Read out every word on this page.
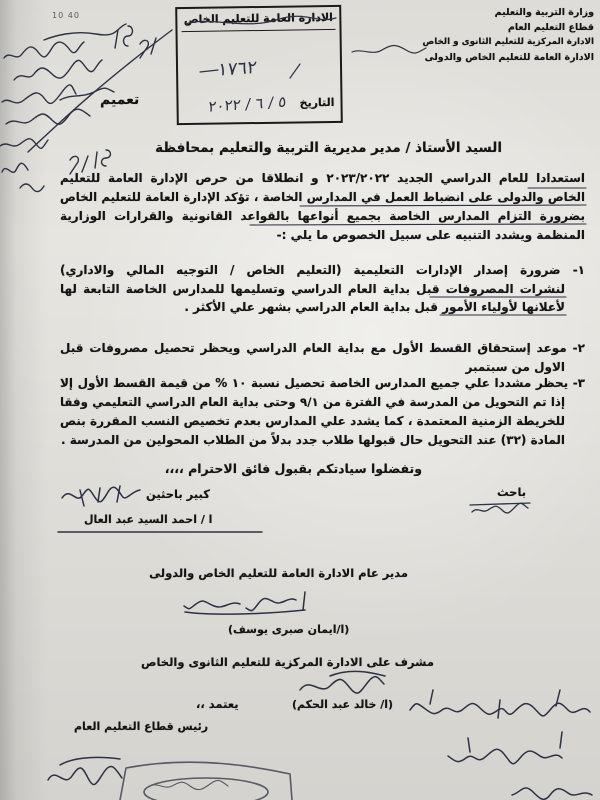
وزارة التربية والتعليم
قطاع التعليم العام
الادارة المركزية للتعليم الثانوى و الخاص
الادارة العامة للتعليم الخاص والدولى
10 40	الادارة العامة للتعليم الخاص
١٧٦٢
التاريخ
٥ / ٦ / ٢٠٢٢
تعميم
السيد الأستاذ / مدير مديرية التربية والتعليم بمحافظة
استعدادا للعام الدراسي الجديد ٢٠٢٣/٢٠٢٢ و انطلاقا من حرص الإدارة العامة للتعليم
الخاص والدولى على انضباط العمل في المدارس الخاصة ، تؤكد الإدارة العامة للتعليم الخاص
بضرورة التزام المدارس الخاصة بجميع أنواعها بالقواعد القانونية والقرارات الوزارية
المنظمة ويشدد التنبيه على سبيل الخصوص ما يلي :-
١- ضرورة إصدار الإدارات التعليمية (التعليم الخاص / التوجيه المالي والاداري)
لنشرات المصروفات قبل بداية العام الدراسي وتسليمها للمدارس الخاصة التابعة لها
لأعلانها لأولياء الأمور قبل بداية العام الدراسي بشهر علي الأكثر .
٢- موعد إستحقاق القسط الأول مع بداية العام الدراسي ويحظر تحصيل مصروفات قبل
الاول من سبتمبر
٣- يحظر مشددا علي جميع المدارس الخاصة تحصيل نسبة ١٠ % من قيمة القسط الأول إلا
إذا تم التحويل من المدرسة في الفترة من ٩/١ وحتى بداية العام الدراسي التعليمي وفقا
للخريطة الزمنية المعتمدة ، كما يشدد علي المدارس بعدم تخصيص النسب المقررة بنص
المادة (٣٢) عند التحويل حال قبولها طلاب جدد بدلاً من الطلاب المحولين من المدرسة .
وتفضلوا سيادتكم بقبول فائق الاحترام ،،،،
باحث
كبير باحثين
ا / احمد السيد عبد العال
مدير عام الادارة العامة للتعليم الخاص والدولى
(ا/ايمان صبرى يوسف)
مشرف على الادارة المركزية للتعليم الثانوى والخاص
يعتمد ،،	(ا/ خالد عبد الحكم)
رئيس قطاع التعليم العام
